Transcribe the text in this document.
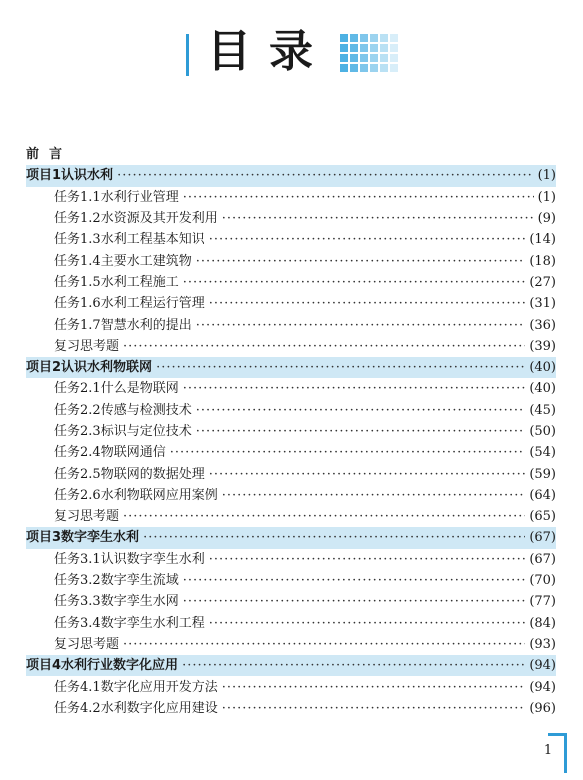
目录
前言
项目1 认识水利 ·····	(1)
任务1.1 水利行业管理 ·····	(1)
任务1.2 水资源及其开发利用 ·····	(9)
任务1.3 水利工程基本知识 ·····	(14)
任务1.4 主要水工建筑物 ·····	(18)
任务1.5 水利工程施工 ·····	(27)
任务1.6 水利工程运行管理 ·····	(31)
任务1.7 智慧水利的提出 ·····	(36)
复习思考题 ·····	(39)
项目2 认识水利物联网 ·····	(40)
任务2.1 什么是物联网 ·····	(40)
任务2.2 传感与检测技术 ·····	(45)
任务2.3 标识与定位技术 ·····	(50)
任务2.4 物联网通信 ·····	(54)
任务2.5 物联网的数据处理 ·····	(59)
任务2.6 水利物联网应用案例 ·····	(64)
复习思考题 ·····	(65)
项目3 数字孪生水利 ·····	(67)
任务3.1 认识数字孪生水利 ·····	(67)
任务3.2 数字孪生流域 ·····	(70)
任务3.3 数字孪生水网 ·····	(77)
任务3.4 数字孪生水利工程 ·····	(84)
复习思考题 ·····	(93)
项目4 水利行业数字化应用 ·····	(94)
任务4.1 数字化应用开发方法 ·····	(94)
任务4.2 水利数字化应用建设 ·····	(96)
1
